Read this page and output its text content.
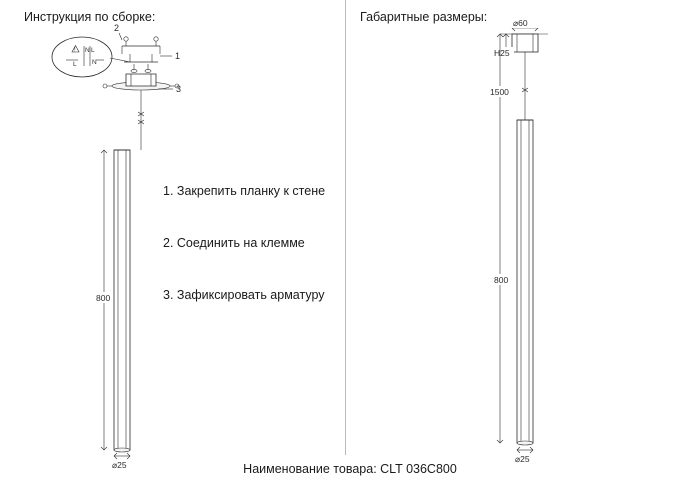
Инструкция по сборке:	Габаритные размеры:
! N L
L N
800
⌀25
1
2
3
⌀60
H25
1500
800
⌀25
1. Закрепить планку к стене
2. Соединить на клемме
3. Зафиксировать арматуру
Наименование товара: CLT 036C800
